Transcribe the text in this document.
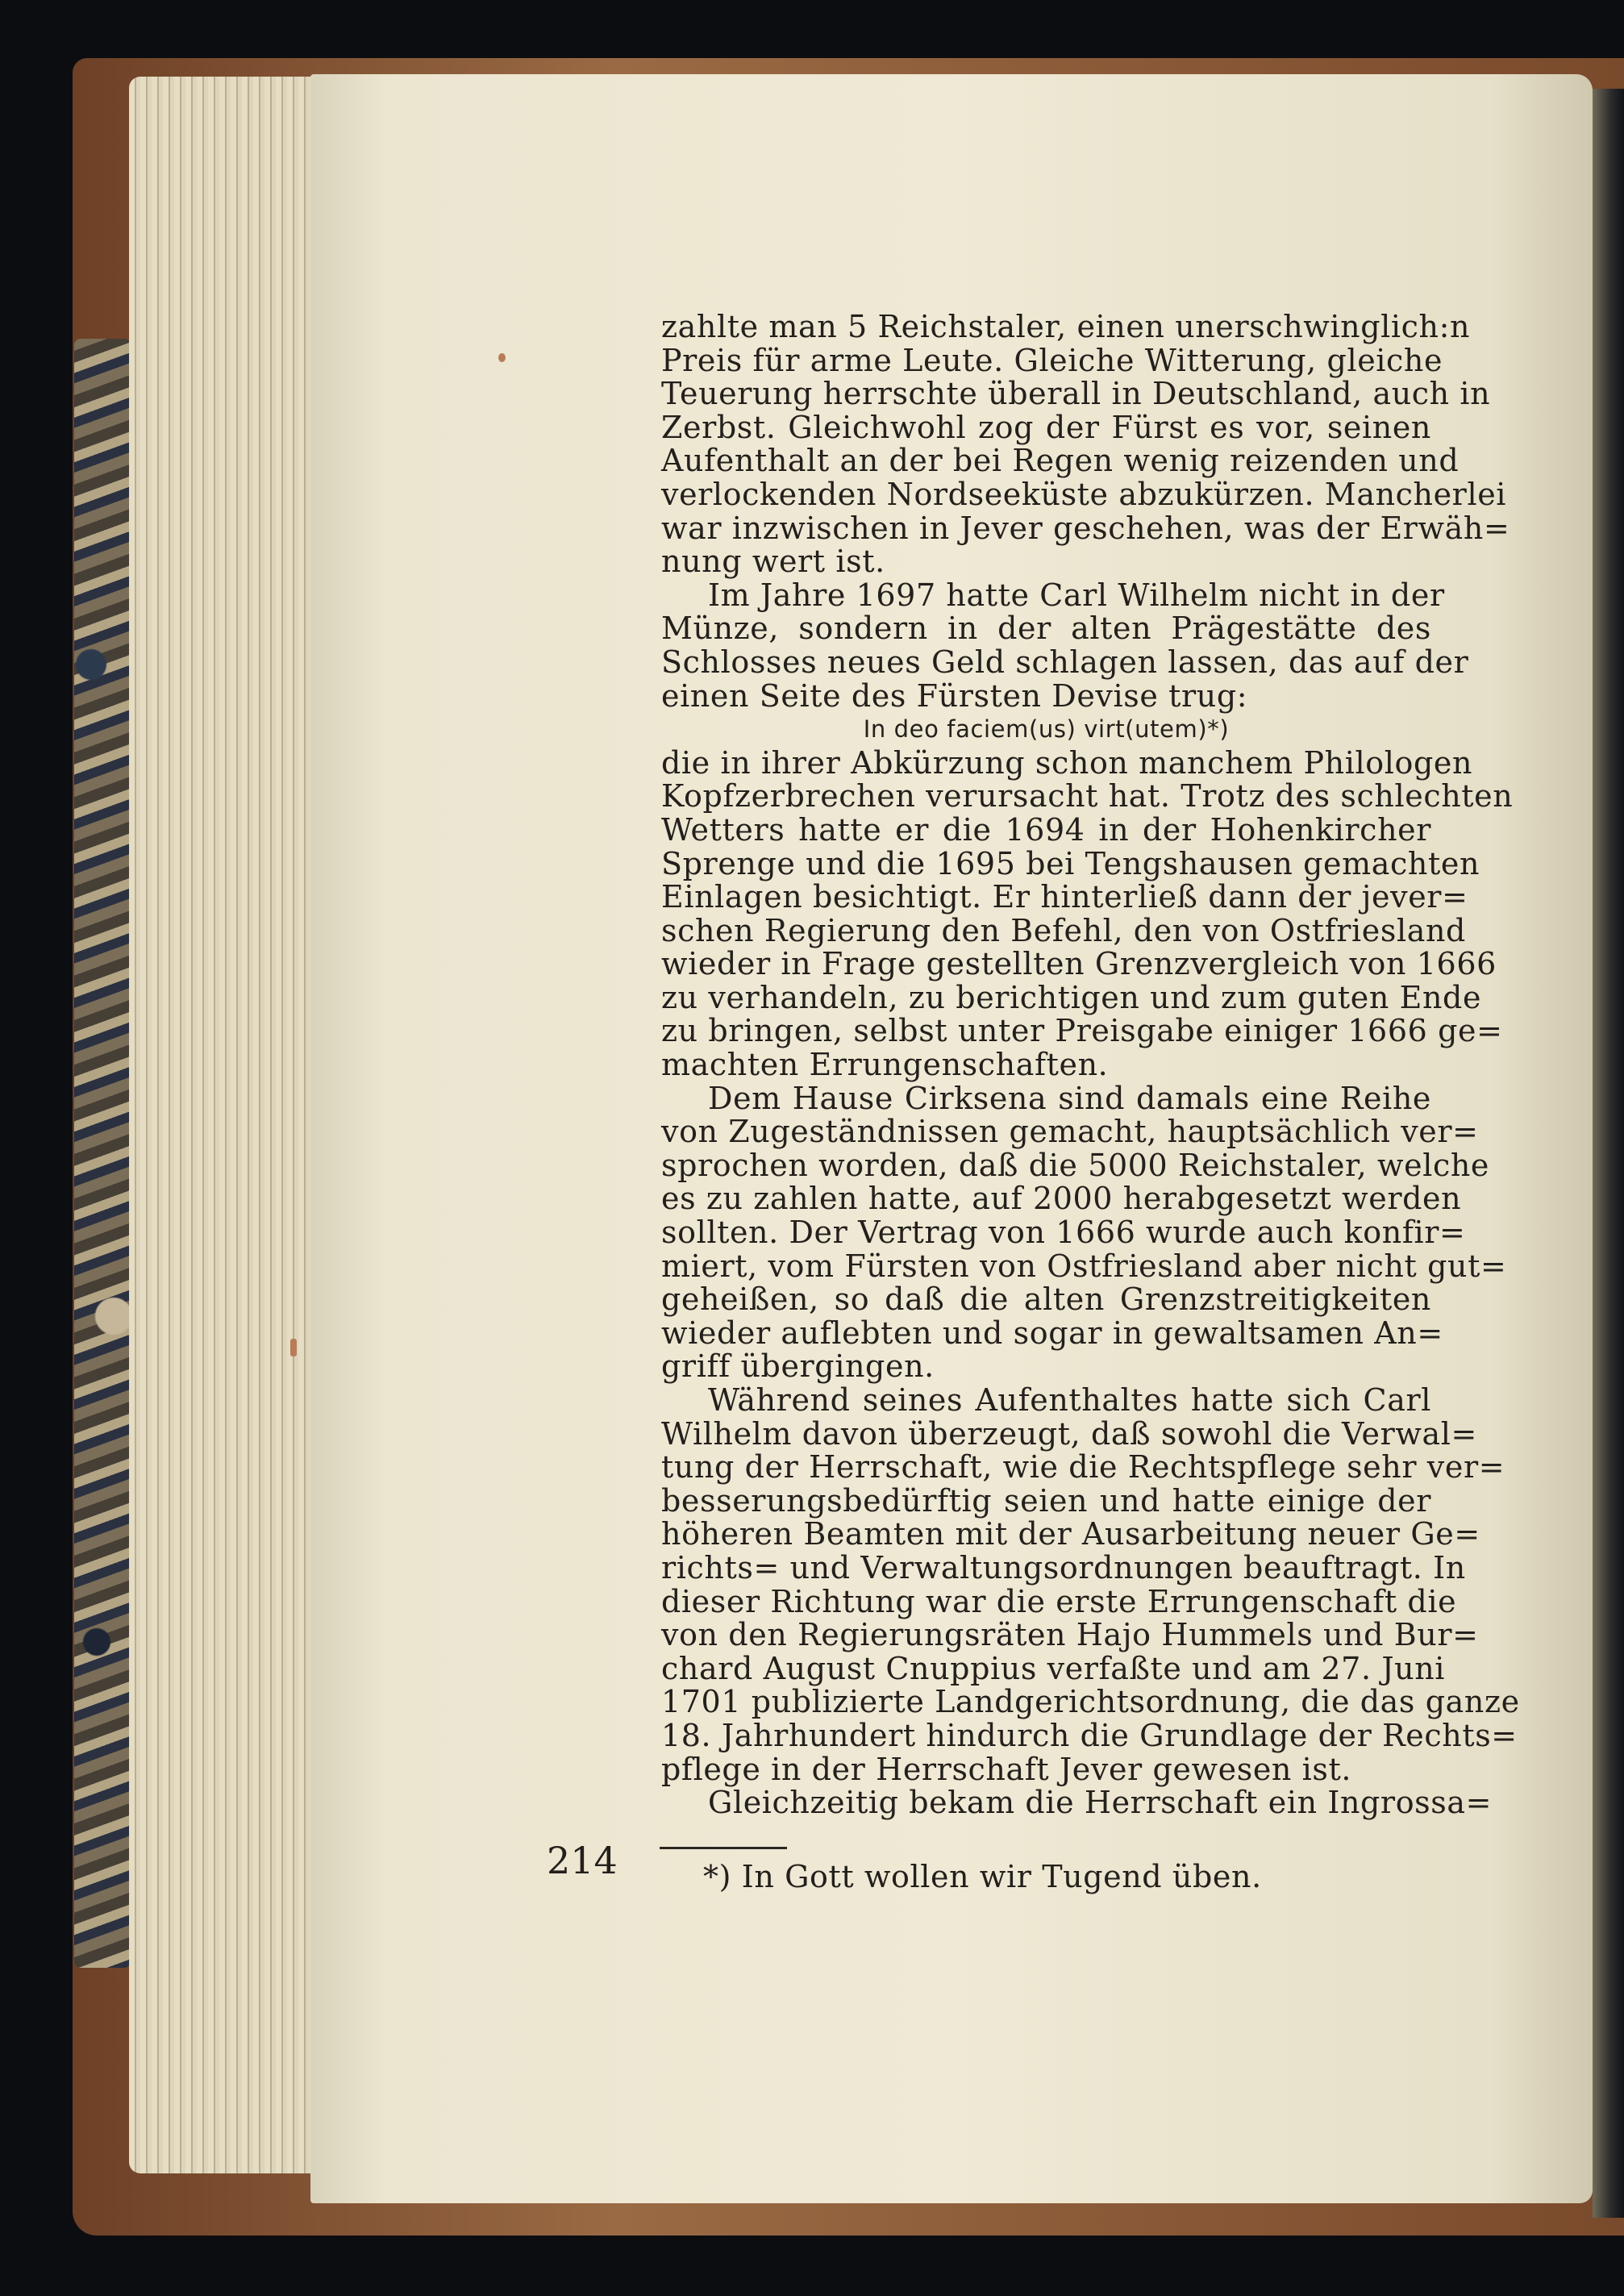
zahlte man 5 Reichstaler, einen unerschwinglich:n
Preis für arme Leute. Gleiche Witterung, gleiche
Teuerung herrschte überall in Deutschland, auch in
Zerbst. Gleichwohl zog der Fürst es vor, seinen
Aufenthalt an der bei Regen wenig reizenden und
verlockenden Nordseeküste abzukürzen. Mancherlei
war inzwischen in Jever geschehen, was der Erwäh=
nung wert ist.
Im Jahre 1697 hatte Carl Wilhelm nicht in der
Münze, sondern in der alten Prägestätte des
Schlosses neues Geld schlagen lassen, das auf der
einen Seite des Fürsten Devise trug:
In deo faciem(us) virt(utem)*)
die in ihrer Abkürzung schon manchem Philologen
Kopfzerbrechen verursacht hat. Trotz des schlechten
Wetters hatte er die 1694 in der Hohenkircher
Sprenge und die 1695 bei Tengshausen gemachten
Einlagen besichtigt. Er hinterließ dann der jever=
schen Regierung den Befehl, den von Ostfriesland
wieder in Frage gestellten Grenzvergleich von 1666
zu verhandeln, zu berichtigen und zum guten Ende
zu bringen, selbst unter Preisgabe einiger 1666 ge=
machten Errungenschaften.
Dem Hause Cirksena sind damals eine Reihe
von Zugeständnissen gemacht, hauptsächlich ver=
sprochen worden, daß die 5000 Reichstaler, welche
es zu zahlen hatte, auf 2000 herabgesetzt werden
sollten. Der Vertrag von 1666 wurde auch konfir=
miert, vom Fürsten von Ostfriesland aber nicht gut=
geheißen, so daß die alten Grenzstreitigkeiten
wieder auflebten und sogar in gewaltsamen An=
griff übergingen.
Während seines Aufenthaltes hatte sich Carl
Wilhelm davon überzeugt, daß sowohl die Verwal=
tung der Herrschaft, wie die Rechtspflege sehr ver=
besserungsbedürftig seien und hatte einige der
höheren Beamten mit der Ausarbeitung neuer Ge=
richts= und Verwaltungsordnungen beauftragt. In
dieser Richtung war die erste Errungenschaft die
von den Regierungsräten Hajo Hummels und Bur=
chard August Cnuppius verfaßte und am 27. Juni
1701 publizierte Landgerichtsordnung, die das ganze
18. Jahrhundert hindurch die Grundlage der Rechts=
pflege in der Herrschaft Jever gewesen ist.
Gleichzeitig bekam die Herrschaft ein Ingrossa=
214	*) In Gott wollen wir Tugend üben.
